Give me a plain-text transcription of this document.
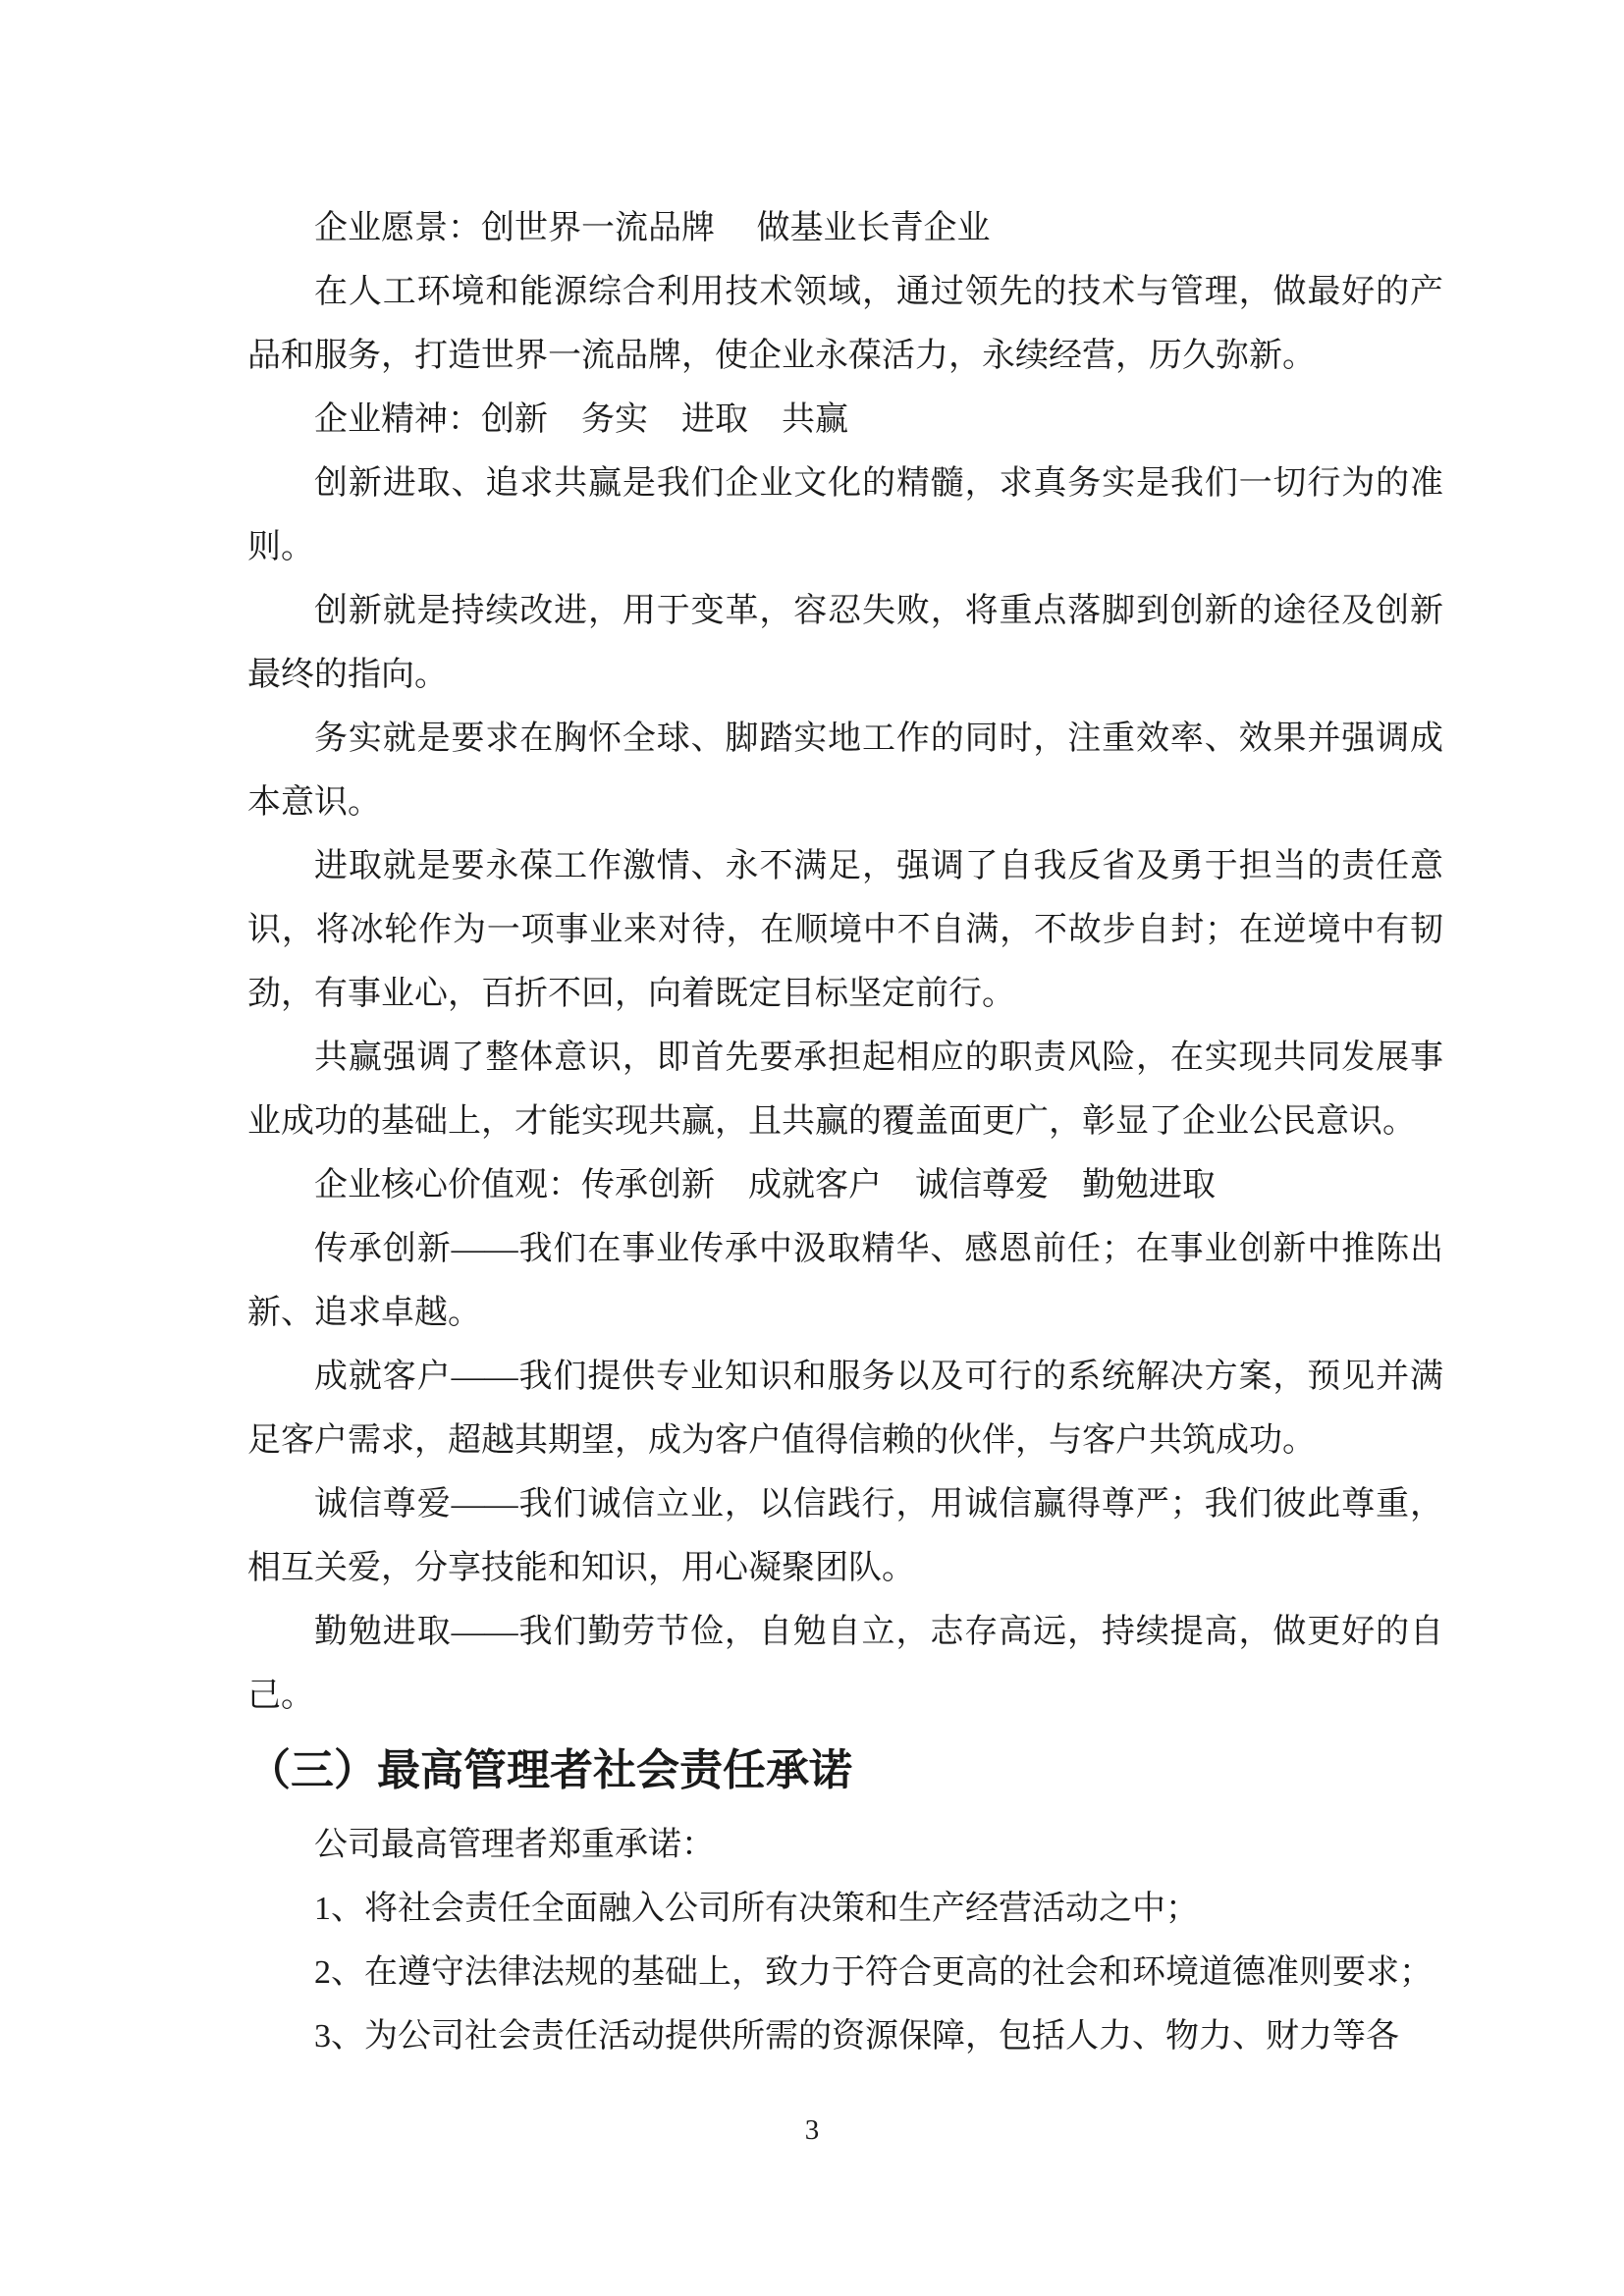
企业愿景：创世界一流品牌　 做基业长青企业

在人工环境和能源综合利用技术领域，通过领先的技术与管理，做最好的产品和服务，打造世界一流品牌，使企业永葆活力，永续经营，历久弥新。

企业精神：创新　务实　进取　共赢

创新进取、追求共赢是我们企业文化的精髓，求真务实是我们一切行为的准则。

创新就是持续改进，用于变革，容忍失败，将重点落脚到创新的途径及创新最终的指向。

务实就是要求在胸怀全球、脚踏实地工作的同时，注重效率、效果并强调成本意识。

进取就是要永葆工作激情、永不满足，强调了自我反省及勇于担当的责任意识，将冰轮作为一项事业来对待，在顺境中不自满，不故步自封；在逆境中有韧劲，有事业心，百折不回，向着既定目标坚定前行。

共赢强调了整体意识，即首先要承担起相应的职责风险，在实现共同发展事业成功的基础上，才能实现共赢，且共赢的覆盖面更广，彰显了企业公民意识。

企业核心价值观：传承创新　成就客户　诚信尊爱　勤勉进取

传承创新——我们在事业传承中汲取精华、感恩前任；在事业创新中推陈出新、追求卓越。

成就客户——我们提供专业知识和服务以及可行的系统解决方案，预见并满足客户需求，超越其期望，成为客户值得信赖的伙伴，与客户共筑成功。

诚信尊爱——我们诚信立业，以信践行，用诚信赢得尊严；我们彼此尊重，相互关爱，分享技能和知识，用心凝聚团队。

勤勉进取——我们勤劳节俭，自勉自立，志存高远，持续提高，做更好的自己。

（三）最高管理者社会责任承诺

公司最高管理者郑重承诺：

1、将社会责任全面融入公司所有决策和生产经营活动之中；

2、在遵守法律法规的基础上，致力于符合更高的社会和环境道德准则要求；

3、为公司社会责任活动提供所需的资源保障，包括人力、物力、财力等各

3
